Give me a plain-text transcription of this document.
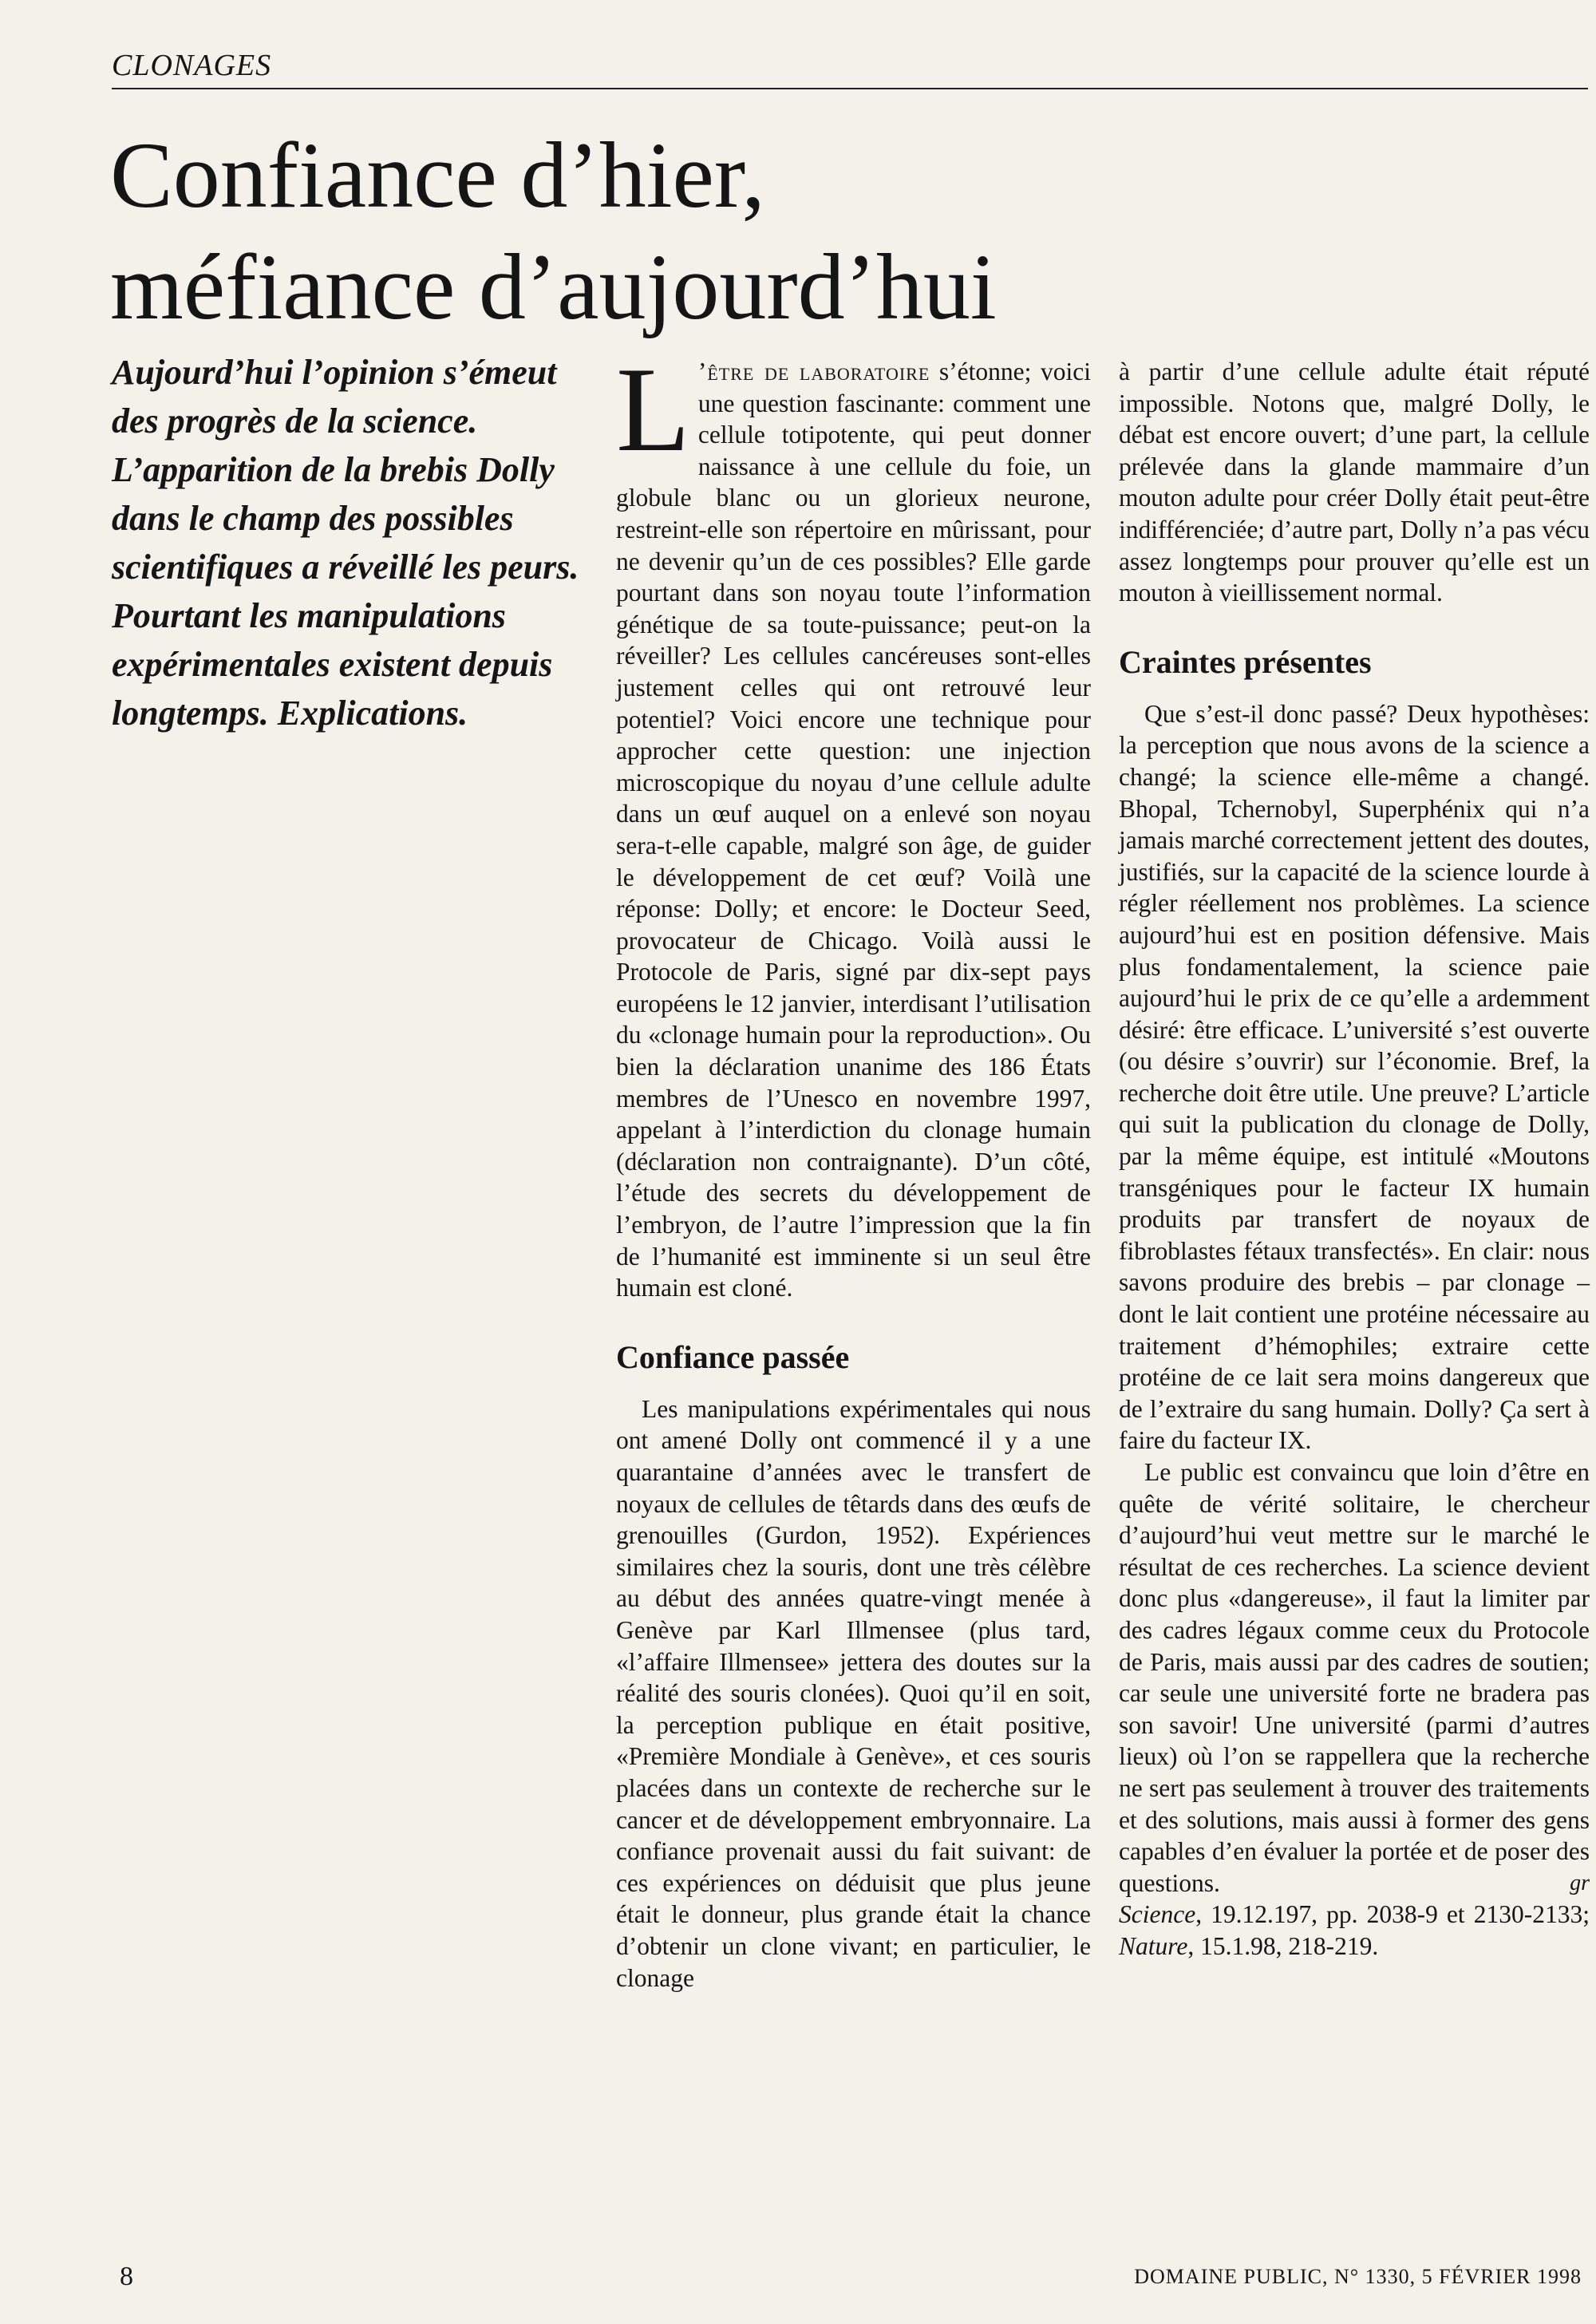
CLONAGES
Confiance d’hier,
méfiance d’aujourd’hui

Aujourd’hui l’opinion s’émeut des progrès de la science. L’apparition de la brebis Dolly dans le champ des possibles scientifiques a réveillé les peurs.

Pourtant les manipulations expérimentales existent depuis longtemps. Explications.

L ’être de laboratoire s’étonne; voici une question fascinante: comment une cellule totipotente, qui peut donner naissance à une cellule du foie, un globule blanc ou un glorieux neurone, restreint-elle son répertoire en mûrissant, pour ne devenir qu’un de ces possibles? Elle garde pourtant dans son noyau toute l’information génétique de sa toute-puissance; peut-on la réveiller? Les cellules cancéreuses sont-elles justement celles qui ont retrouvé leur potentiel? Voici encore une technique pour approcher cette question: une injection microscopique du noyau d’une cellule adulte dans un œuf auquel on a enlevé son noyau sera-t-elle capable, malgré son âge, de guider le développement de cet œuf? Voilà une réponse: Dolly; et encore: le Docteur Seed, provocateur de Chicago. Voilà aussi le Protocole de Paris, signé par dix-sept pays européens le 12 janvier, interdisant l’utilisation du «clonage humain pour la reproduction». Ou bien la déclaration unanime des 186 États membres de l’Unesco en novembre 1997, appelant à l’interdiction du clonage humain (déclaration non contraignante). D’un côté, l’étude des secrets du développement de l’embryon, de l’autre l’impression que la fin de l’humanité est imminente si un seul être humain est cloné.

Confiance passée

Les manipulations expérimentales qui nous ont amené Dolly ont commencé il y a une quarantaine d’années avec le transfert de noyaux de cellules de têtards dans des œufs de grenouilles (Gurdon, 1952). Expériences similaires chez la souris, dont une très célèbre au début des années quatre-vingt menée à Genève par Karl Illmensee (plus tard, «l’affaire Illmensee» jettera des doutes sur la réalité des souris clonées). Quoi qu’il en soit, la perception publique en était positive, «Première Mondiale à Genève», et ces souris placées dans un contexte de recherche sur le cancer et de développement embryonnaire. La confiance provenait aussi du fait suivant: de ces expériences on déduisit que plus jeune était le donneur, plus grande était la chance d’obtenir un clone vivant; en particulier, le clonage

à partir d’une cellule adulte était réputé impossible. Notons que, malgré Dolly, le débat est encore ouvert; d’une part, la cellule prélevée dans la glande mammaire d’un mouton adulte pour créer Dolly était peut-être indifférenciée; d’autre part, Dolly n’a pas vécu assez longtemps pour prouver qu’elle est un mouton à vieillissement normal.

Craintes présentes

Que s’est-il donc passé? Deux hypothèses: la perception que nous avons de la science a changé; la science elle-même a changé. Bhopal, Tchernobyl, Superphénix qui n’a jamais marché correctement jettent des doutes, justifiés, sur la capacité de la science lourde à régler réellement nos problèmes. La science aujourd’hui est en position défensive. Mais plus fondamentalement, la science paie aujourd’hui le prix de ce qu’elle a ardemment désiré: être efficace. L’université s’est ouverte (ou désire s’ouvrir) sur l’économie. Bref, la recherche doit être utile. Une preuve? L’article qui suit la publication du clonage de Dolly, par la même équipe, est intitulé «Moutons transgéniques pour le facteur IX humain produits par transfert de noyaux de fibroblastes fétaux transfectés». En clair: nous savons produire des brebis – par clonage – dont le lait contient une protéine nécessaire au traitement d’hémophiles; extraire cette protéine de ce lait sera moins dangereux que de l’extraire du sang humain. Dolly? Ça sert à faire du facteur IX.

Le public est convaincu que loin d’être en quête de vérité solitaire, le chercheur d’aujourd’hui veut mettre sur le marché le résultat de ces recherches. La science devient donc plus «dangereuse», il faut la limiter par des cadres légaux comme ceux du Protocole de Paris, mais aussi par des cadres de soutien; car seule une université forte ne bradera pas son savoir! Une université (parmi d’autres lieux) où l’on se rappellera que la recherche ne sert pas seulement à trouver des traitements et des solutions, mais aussi à former des gens capables d’en évaluer la portée et de poser des questions.	gr

Science, 19.12.197, pp. 2038-9 et 2130-2133; Nature, 15.1.98, 218-219.

8	DOMAINE PUBLIC, N° 1330, 5 FÉVRIER 1998
